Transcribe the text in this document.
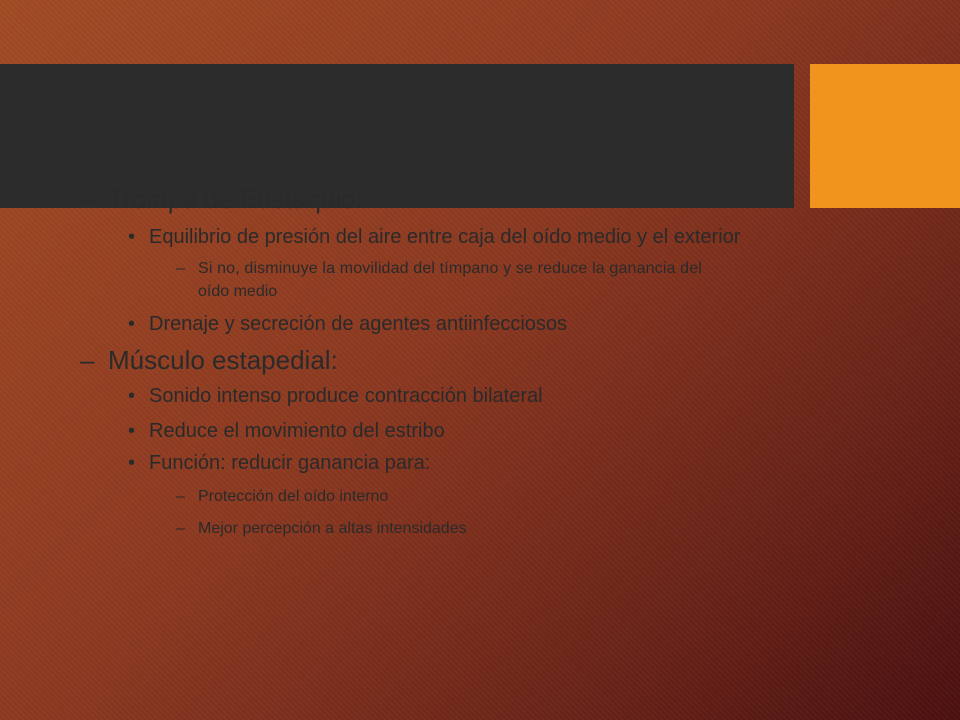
– Trompa de Eustaquio:
• Equilibrio de presión del aire entre caja del oído medio y el exterior
– Si no, disminuye la movilidad del tímpano y se reduce la ganancia del
oído medio
• Drenaje y secreción de agentes antiinfecciosos
– Músculo estapedial:
• Sonido intenso produce contracción bilateral
• Reduce el movimiento del estribo
• Función: reducir ganancia para:
– Protección del oído interno
– Mejor percepción a altas intensidades
